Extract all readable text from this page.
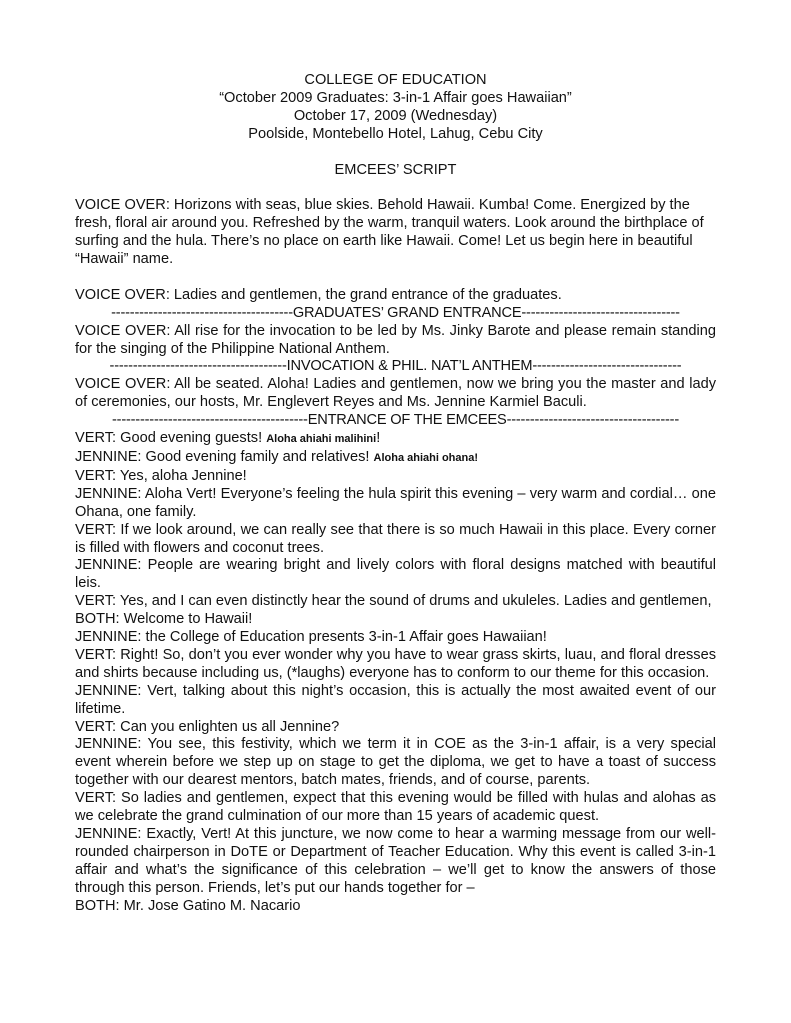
COLLEGE OF EDUCATION
“October 2009 Graduates: 3-in-1 Affair goes Hawaiian”
October 17, 2009 (Wednesday)
Poolside, Montebello Hotel, Lahug, Cebu City
EMCEES’ SCRIPT

VOICE OVER: Horizons with seas, blue skies. Behold Hawaii. Kumba! Come. Energized by the fresh, floral air around you. Refreshed by the warm, tranquil waters. Look around the birthplace of surfing and the hula. There’s no place on earth like Hawaii. Come! Let us begin here in beautiful “Hawaii” name.

VOICE OVER: Ladies and gentlemen, the grand entrance of the graduates.

---------------------------------------GRADUATES’ GRAND ENTRANCE----------------------------------

VOICE OVER: All rise for the invocation to be led by Ms. Jinky Barote and please remain standing for the singing of the Philippine National Anthem.

--------------------------------------INVOCATION & PHIL. NAT’L ANTHEM--------------------------------

VOICE OVER: All be seated. Aloha! Ladies and gentlemen, now we bring you the master and lady of ceremonies, our hosts, Mr. Englevert Reyes and Ms. Jennine Karmiel Baculi.

------------------------------------------ENTRANCE OF THE EMCEES-------------------------------------

VERT: Good evening guests! Aloha ahiahi malihini!

JENNINE: Good evening family and relatives! Aloha ahiahi ohana!

VERT: Yes, aloha Jennine!

JENNINE: Aloha Vert! Everyone’s feeling the hula spirit this evening – very warm and cordial… one Ohana, one family.

VERT: If we look around, we can really see that there is so much Hawaii in this place. Every corner is filled with flowers and coconut trees.

JENNINE: People are wearing bright and lively colors with floral designs matched with beautiful leis.

VERT: Yes, and I can even distinctly hear the sound of drums and ukuleles. Ladies and gentlemen,

BOTH: Welcome to Hawaii!

JENNINE: the College of Education presents 3-in-1 Affair goes Hawaiian!

VERT: Right! So, don’t you ever wonder why you have to wear grass skirts, luau, and floral dresses and shirts because including us, (*laughs) everyone has to conform to our theme for this occasion.

JENNINE: Vert, talking about this night’s occasion, this is actually the most awaited event of our lifetime.

VERT: Can you enlighten us all Jennine?

JENNINE: You see, this festivity, which we term it in COE as the 3-in-1 affair, is a very special event wherein before we step up on stage to get the diploma, we get to have a toast of success together with our dearest mentors, batch mates, friends, and of course, parents.

VERT: So ladies and gentlemen, expect that this evening would be filled with hulas and alohas as we celebrate the grand culmination of our more than 15 years of academic quest.

JENNINE: Exactly, Vert! At this juncture, we now come to hear a warming message from our well-rounded chairperson in DoTE or Department of Teacher Education. Why this event is called 3-in-1 affair and what’s the significance of this celebration – we’ll get to know the answers of those through this person. Friends, let’s put our hands together for –

BOTH: Mr. Jose Gatino M. Nacario
